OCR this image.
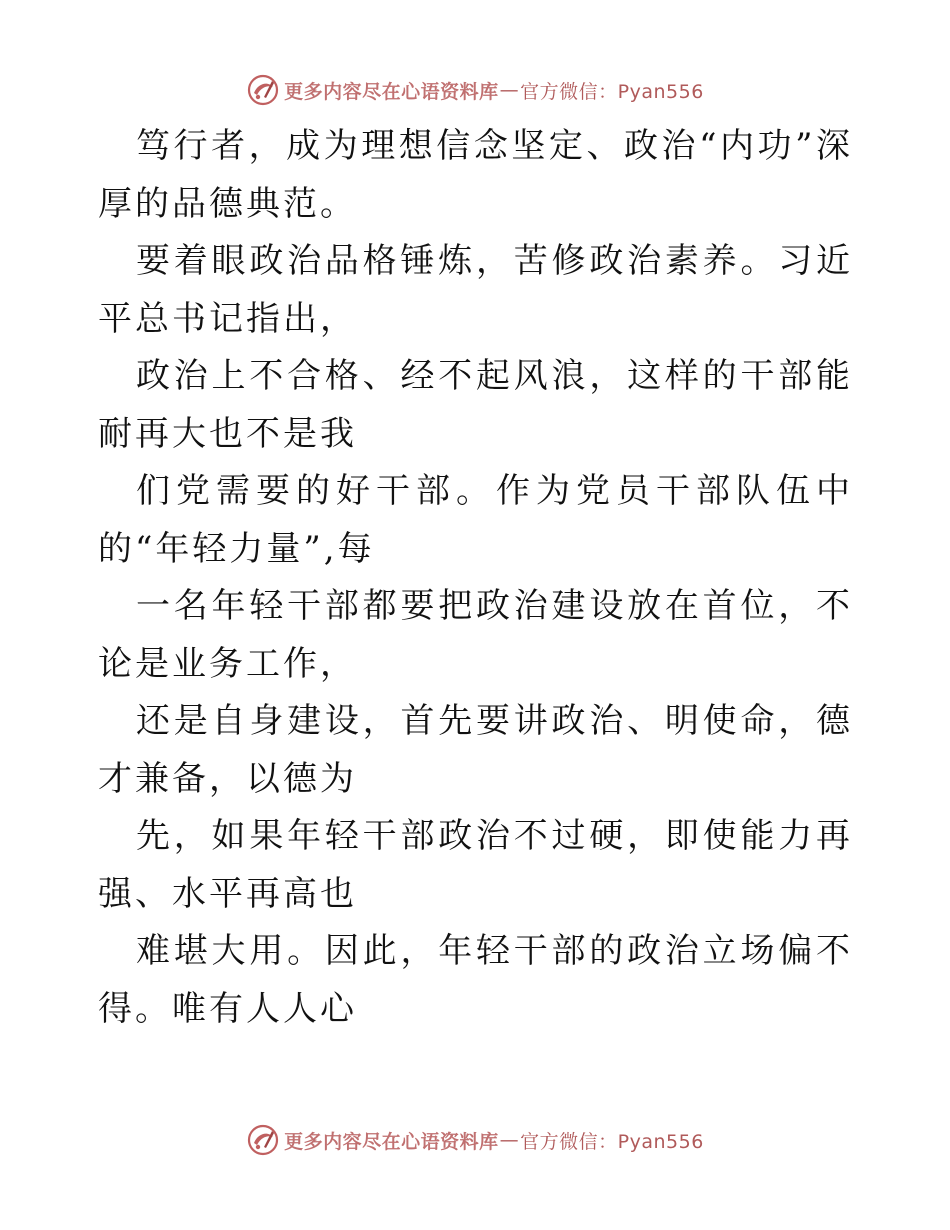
更多内容尽在心语资料库 — 官方微信：Pyan556

笃行者，成为理想信念坚定、政治“内功”深厚的品德典范。

要着眼政治品格锤炼，苦修政治素养。习近平总书记指出，

政治上不合格、经不起风浪，这样的干部能耐再大也不是我

们党需要的好干部。作为党员干部队伍中的“年轻力量”,每

一名年轻干部都要把政治建设放在首位，不论是业务工作，

还是自身建设，首先要讲政治、明使命，德才兼备，以德为

先，如果年轻干部政治不过硬，即使能力再强、水平再高也

难堪大用。因此，年轻干部的政治立场偏不得。唯有人人心

更多内容尽在心语资料库 — 官方微信：Pyan556
